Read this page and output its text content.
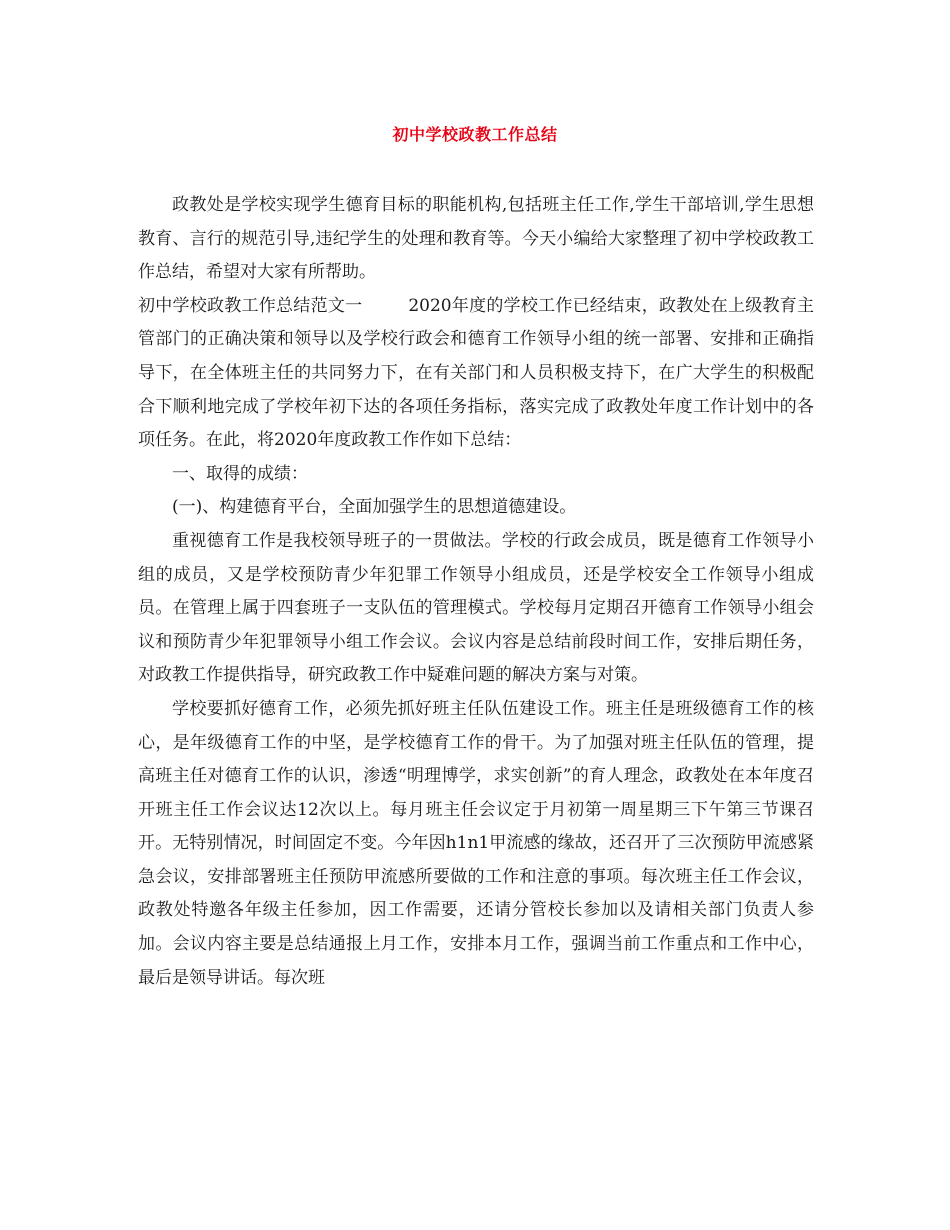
初中学校政教工作总结

政教处是学校实现学生德育目标的职能机构,包括班主任工作,学生干部培训,学生思想教育、言行的规范引导,违纪学生的处理和教育等。今天小编给大家整理了初中学校政教工作总结，希望对大家有所帮助。

初中学校政教工作总结范文一	2020年度的学校工作已经结束，政教处在上级教育主管部门的正确决策和领导以及学校行政会和德育工作领导小组的统一部署、安排和正确指导下，在全体班主任的共同努力下，在有关部门和人员积极支持下，在广大学生的积极配合下顺利地完成了学校年初下达的各项任务指标，落实完成了政教处年度工作计划中的各项任务。在此，将2020年度政教工作作如下总结：

一、取得的成绩：

(一)、构建德育平台，全面加强学生的思想道德建设。

重视德育工作是我校领导班子的一贯做法。学校的行政会成员，既是德育工作领导小组的成员，又是学校预防青少年犯罪工作领导小组成员，还是学校安全工作领导小组成员。在管理上属于四套班子一支队伍的管理模式。学校每月定期召开德育工作领导小组会议和预防青少年犯罪领导小组工作会议。会议内容是总结前段时间工作，安排后期任务，对政教工作提供指导，研究政教工作中疑难问题的解决方案与对策。

学校要抓好德育工作，必须先抓好班主任队伍建设工作。班主任是班级德育工作的核心，是年级德育工作的中坚，是学校德育工作的骨干。为了加强对班主任队伍的管理，提高班主任对德育工作的认识，渗透“明理博学，求实创新”的育人理念，政教处在本年度召开班主任工作会议达12次以上。每月班主任会议定于月初第一周星期三下午第三节课召开。无特别情况，时间固定不变。今年因h1n1甲流感的缘故，还召开了三次预防甲流感紧急会议，安排部署班主任预防甲流感所要做的工作和注意的事项。每次班主任工作会议，政教处特邀各年级主任参加，因工作需要，还请分管校长参加以及请相关部门负责人参加。会议内容主要是总结通报上月工作，安排本月工作，强调当前工作重点和工作中心，最后是领导讲话。每次班
